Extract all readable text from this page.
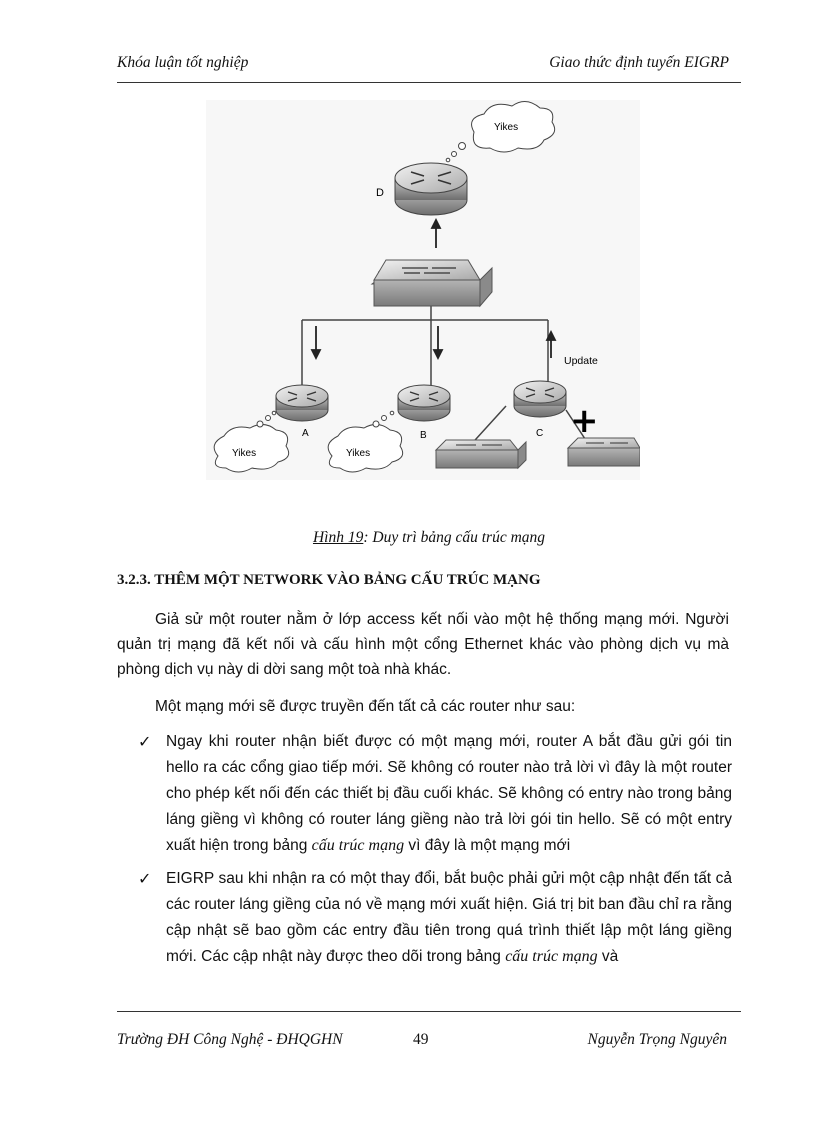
Khóa luận tốt nghiệp	Giao thức định tuyến EIGRP
D
Yikes
A	B	C
Update
Yikes	Yikes
+
Hình 19: Duy trì bảng cấu trúc mạng
3.2.3. THÊM MỘT NETWORK VÀO BẢNG CẤU TRÚC MẠNG
Giả sử một router nằm ở lớp access kết nối vào một hệ thống mạng mới. Người quản trị mạng đã kết nối và cấu hình một cổng Ethernet khác vào phòng dịch vụ mà phòng dịch vụ này di dời sang một toà nhà khác.
Một mạng mới sẽ được truyền đến tất cả các router như sau:
✓ Ngay khi router nhận biết được có một mạng mới, router A bắt đầu gửi gói tin hello ra các cổng giao tiếp mới. Sẽ không có router nào trả lời vì đây là một router cho phép kết nối đến các thiết bị đầu cuối khác. Sẽ không có entry nào trong bảng láng giềng vì không có router láng giềng nào trả lời gói tin hello. Sẽ có một entry xuất hiện trong bảng cấu trúc mạng vì đây là một mạng mới
✓ EIGRP sau khi nhận ra có một thay đổi, bắt buộc phải gửi một cập nhật đến tất cả các router láng giềng của nó về mạng mới xuất hiện. Giá trị bit ban đầu chỉ ra rằng cập nhật sẽ bao gồm các entry đầu tiên trong quá trình thiết lập một láng giềng mới. Các cập nhật này được theo dõi trong bảng cấu trúc mạng và
Trường ĐH Công Nghệ - ĐHQGHN	49	Nguyễn Trọng Nguyên
